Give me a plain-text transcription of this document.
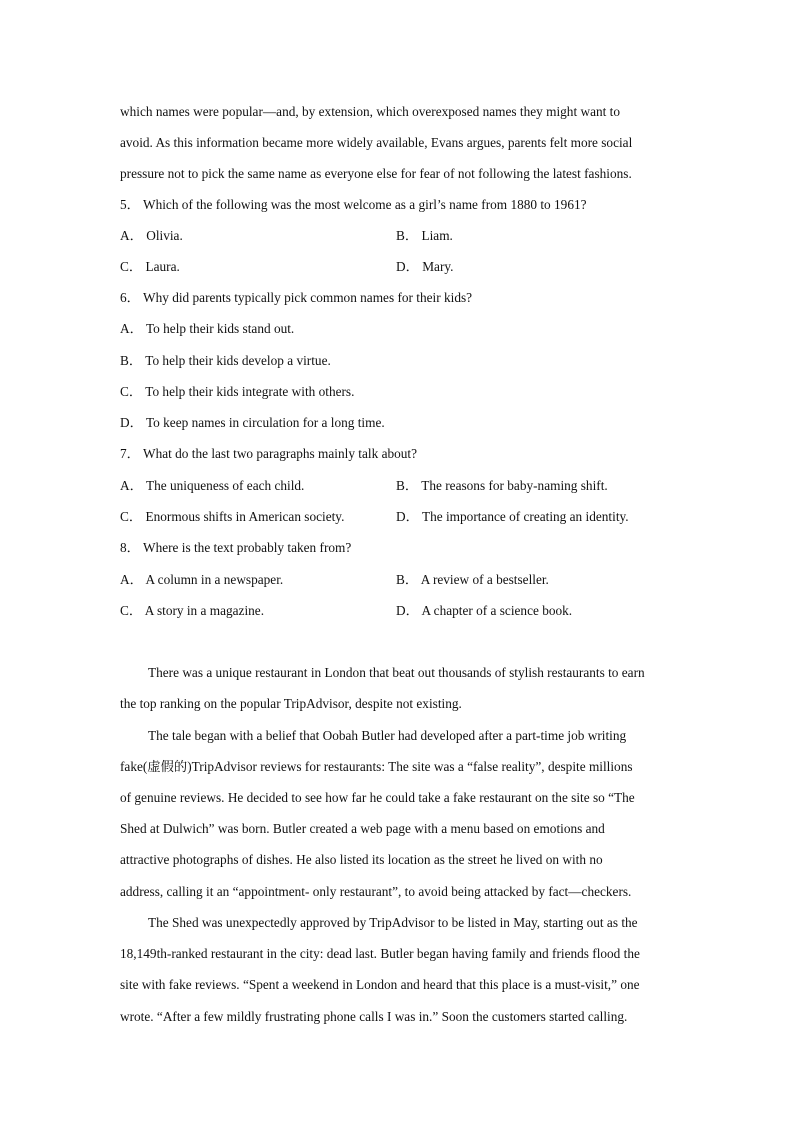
which names were popular—and, by extension, which overexposed names they might want to

avoid. As this information became more widely available, Evans argues, parents felt more social

pressure not to pick the same name as everyone else for fear of not following the latest fashions.

5． Which of the following was the most welcome as a girl’s name from 1880 to 1961?

A． Olivia.	B． Liam.

C． Laura.	D． Mary.

6． Why did parents typically pick common names for their kids?

A． To help their kids stand out.

B． To help their kids develop a virtue.

C． To help their kids integrate with others.

D． To keep names in circulation for a long time.

7． What do the last two paragraphs mainly talk about?

A． The uniqueness of each child.	B． The reasons for baby-naming shift.

C． Enormous shifts in American society.	D． The importance of creating an identity.

8． Where is the text probably taken from?

A． A column in a newspaper.	B． A review of a bestseller.

C． A story in a magazine.	D． A chapter of a science book.

There was a unique restaurant in London that beat out thousands of stylish restaurants to earn

the top ranking on the popular TripAdvisor, despite not existing.

The tale began with a belief that Oobah Butler had developed after a part-time job writing

fake(虚假的)TripAdvisor reviews for restaurants: The site was a “false reality”, despite millions

of genuine reviews. He decided to see how far he could take a fake restaurant on the site so “The

Shed at Dulwich” was born. Butler created a web page with a menu based on emotions and

attractive photographs of dishes. He also listed its location as the street he lived on with no

address, calling it an “appointment- only restaurant”, to avoid being attacked by fact—checkers.

The Shed was unexpectedly approved by TripAdvisor to be listed in May, starting out as the

18,149th-ranked restaurant in the city: dead last. Butler began having family and friends flood the

site with fake reviews. “Spent a weekend in London and heard that this place is a must-visit,” one

wrote. “After a few mildly frustrating phone calls I was in.” Soon the customers started calling.
